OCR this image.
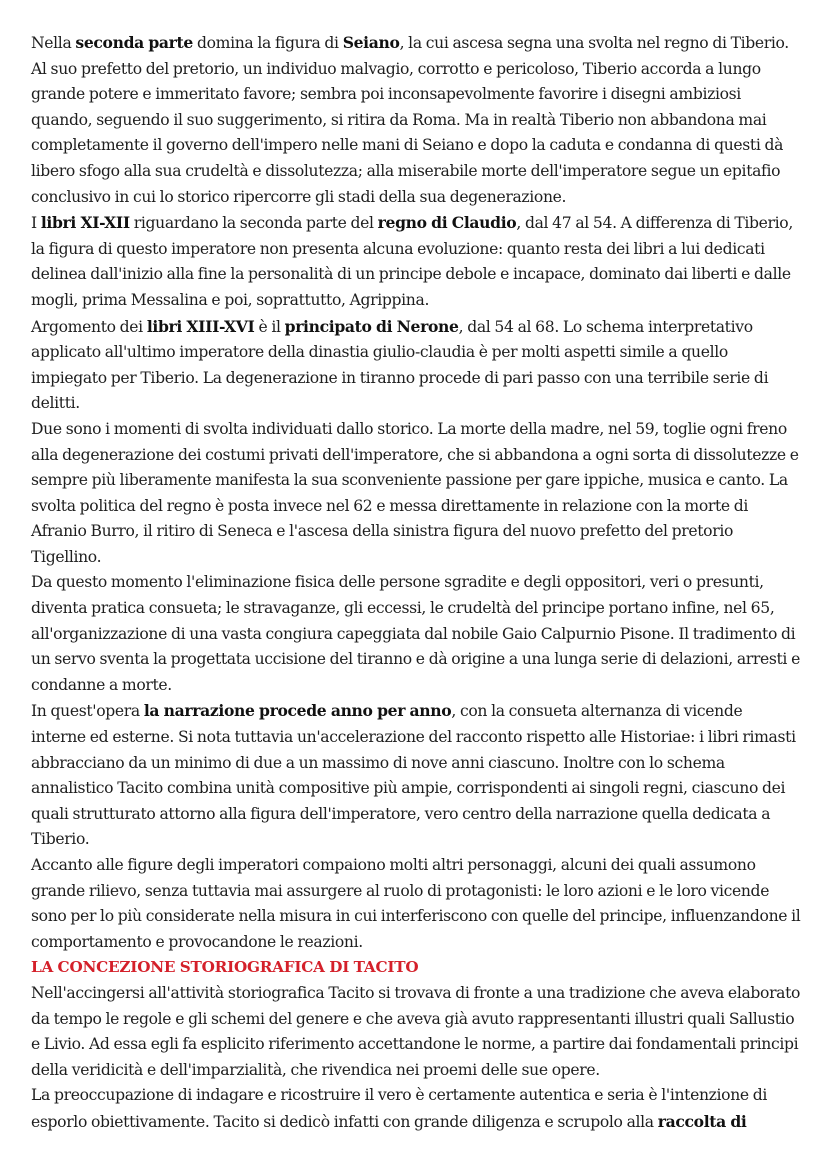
Nella seconda parte domina la figura di Seiano, la cui ascesa segna una svolta nel regno di Tiberio. Al suo prefetto del pretorio, un individuo malvagio, corrotto e pericoloso, Tiberio accorda a lungo grande potere e immeritato favore; sembra poi inconsapevolmente favorire i disegni ambiziosi quando, seguendo il suo suggerimento, si ritira da Roma. Ma in realtà Tiberio non abbandona mai completamente il governo dell'impero nelle mani di Seiano e dopo la caduta e condanna di questi dà libero sfogo alla sua crudeltà e dissolutezza; alla miserabile morte dell'imperatore segue un epitafio conclusivo in cui lo storico ripercorre gli stadi della sua degenerazione.

I libri XI-XII riguardano la seconda parte del regno di Claudio, dal 47 al 54. A differenza di Tiberio, la figura di questo imperatore non presenta alcuna evoluzione: quanto resta dei libri a lui dedicati delinea dall'inizio alla fine la personalità di un principe debole e incapace, dominato dai liberti e dalle mogli, prima Messalina e poi, soprattutto, Agrippina.

Argomento dei libri XIII-XVI è il principato di Nerone, dal 54 al 68. Lo schema interpretativo applicato all'ultimo imperatore della dinastia giulio-claudia è per molti aspetti simile a quello impiegato per Tiberio. La degenerazione in tiranno procede di pari passo con una terribile serie di delitti.

Due sono i momenti di svolta individuati dallo storico. La morte della madre, nel 59, toglie ogni freno alla degenerazione dei costumi privati dell'imperatore, che si abbandona a ogni sorta di dissolutezze e sempre più liberamente manifesta la sua sconveniente passione per gare ippiche, musica e canto. La svolta politica del regno è posta invece nel 62 e messa direttamente in relazione con la morte di Afranio Burro, il ritiro di Seneca e l'ascesa della sinistra figura del nuovo prefetto del pretorio Tigellino.

Da questo momento l'eliminazione fisica delle persone sgradite e degli oppositori, veri o presunti, diventa pratica consueta; le stravaganze, gli eccessi, le crudeltà del principe portano infine, nel 65, all'organizzazione di una vasta congiura capeggiata dal nobile Gaio Calpurnio Pisone. Il tradimento di un servo sventa la progettata uccisione del tiranno e dà origine a una lunga serie di delazioni, arresti e condanne a morte.

In quest'opera la narrazione procede anno per anno, con la consueta alternanza di vicende interne ed esterne. Si nota tuttavia un'accelerazione del racconto rispetto alle Historiae: i libri rimasti abbracciano da un minimo di due a un massimo di nove anni ciascuno. Inoltre con lo schema annalistico Tacito combina unità compositive più ampie, corrispondenti ai singoli regni, ciascuno dei quali strutturato attorno alla figura dell'imperatore, vero centro della narrazione quella dedicata a Tiberio.

Accanto alle figure degli imperatori compaiono molti altri personaggi, alcuni dei quali assumono grande rilievo, senza tuttavia mai assurgere al ruolo di protagonisti: le loro azioni e le loro vicende sono per lo più considerate nella misura in cui interferiscono con quelle del principe, influenzandone il comportamento e provocandone le reazioni.

LA CONCEZIONE STORIOGRAFICA DI TACITO

Nell'accingersi all'attività storiografica Tacito si trovava di fronte a una tradizione che aveva elaborato da tempo le regole e gli schemi del genere e che aveva già avuto rappresentanti illustri quali Sallustio e Livio. Ad essa egli fa esplicito riferimento accettandone le norme, a partire dai fondamentali principi della veridicità e dell'imparzialità, che rivendica nei proemi delle sue opere.

La preoccupazione di indagare e ricostruire il vero è certamente autentica e seria è l'intenzione di esporlo obiettivamente. Tacito si dedicò infatti con grande diligenza e scrupolo alla raccolta di
